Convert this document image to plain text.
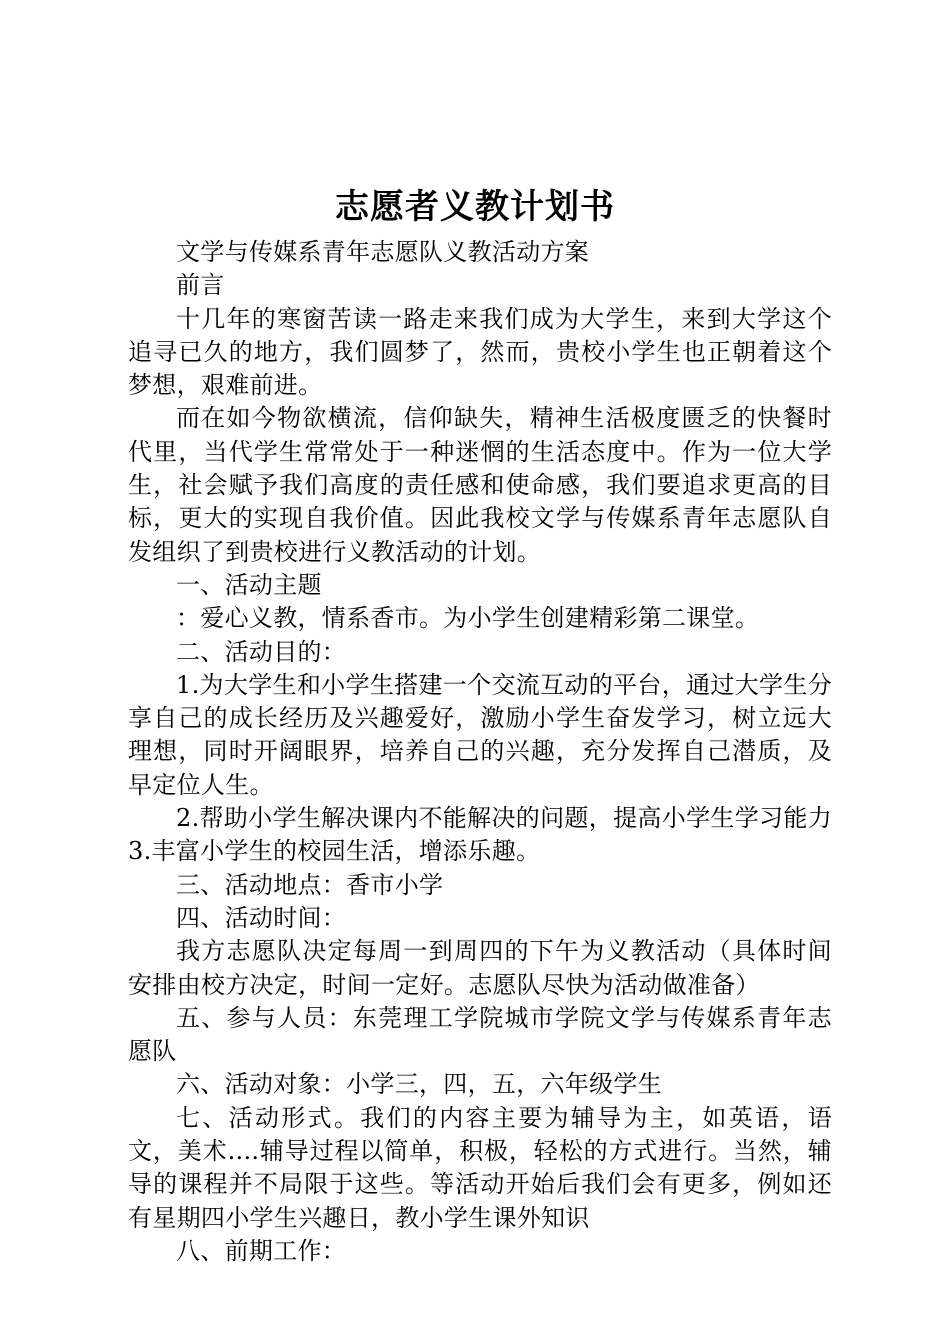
志愿者义教计划书

文学与传媒系青年志愿队义教活动方案

前言

十几年的寒窗苦读一路走来我们成为大学生，来到大学这个追寻已久的地方，我们圆梦了，然而，贵校小学生也正朝着这个梦想，艰难前进。

而在如今物欲横流，信仰缺失，精神生活极度匮乏的快餐时代里，当代学生常常处于一种迷惘的生活态度中。作为一位大学生，社会赋予我们高度的责任感和使命感，我们要追求更高的目标，更大的实现自我价值。因此我校文学与传媒系青年志愿队自发组织了到贵校进行义教活动的计划。

一、活动主题

：爱心义教，情系香市。为小学生创建精彩第二课堂。

二、活动目的：

1.为大学生和小学生搭建一个交流互动的平台，通过大学生分享自己的成长经历及兴趣爱好，激励小学生奋发学习，树立远大理想，同时开阔眼界，培养自己的兴趣，充分发挥自己潜质，及早定位人生。

2.帮助小学生解决课内不能解决的问题，提高小学生学习能力3.丰富小学生的校园生活，增添乐趣。

三、活动地点：香市小学

四、活动时间：

我方志愿队决定每周一到周四的下午为义教活动（具体时间安排由校方决定，时间一定好。志愿队尽快为活动做准备）

五、参与人员：东莞理工学院城市学院文学与传媒系青年志愿队

六、活动对象：小学三，四，五，六年级学生

七、活动形式。我们的内容主要为辅导为主，如英语，语文，美术....辅导过程以简单，积极，轻松的方式进行。当然，辅导的课程并不局限于这些。等活动开始后我们会有更多，例如还有星期四小学生兴趣日，教小学生课外知识

八、前期工作：
